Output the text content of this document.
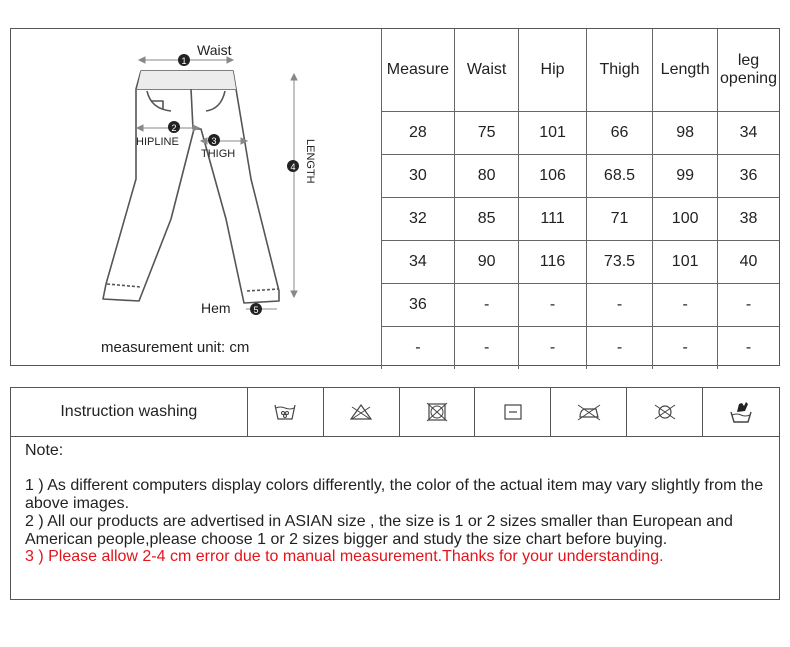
1
2
3
4
5
Waist
HIPLINE
THIGH	LENGTH
Hem
measurement unit: cm
Measure	Waist	Hip	Thigh	Length	leg opening
28	75	101	66	98	34
30	80	106	68.5	99	36
32	85	111	71	100	38
34	90	116	73.5	101	40
36	-	-	-	-	-
-	-	-	-	-	-
Instruction washing
Note:
1 ) As different computers display colors differently, the color of the actual item may vary slightly from the above images.
2 ) All our products are advertised in ASIAN size , the size is 1 or 2 sizes smaller than European and American people,please choose 1 or 2 sizes bigger and study the size chart before buying.
3 ) Please allow 2-4 cm error due to manual measurement.Thanks for your understanding.
